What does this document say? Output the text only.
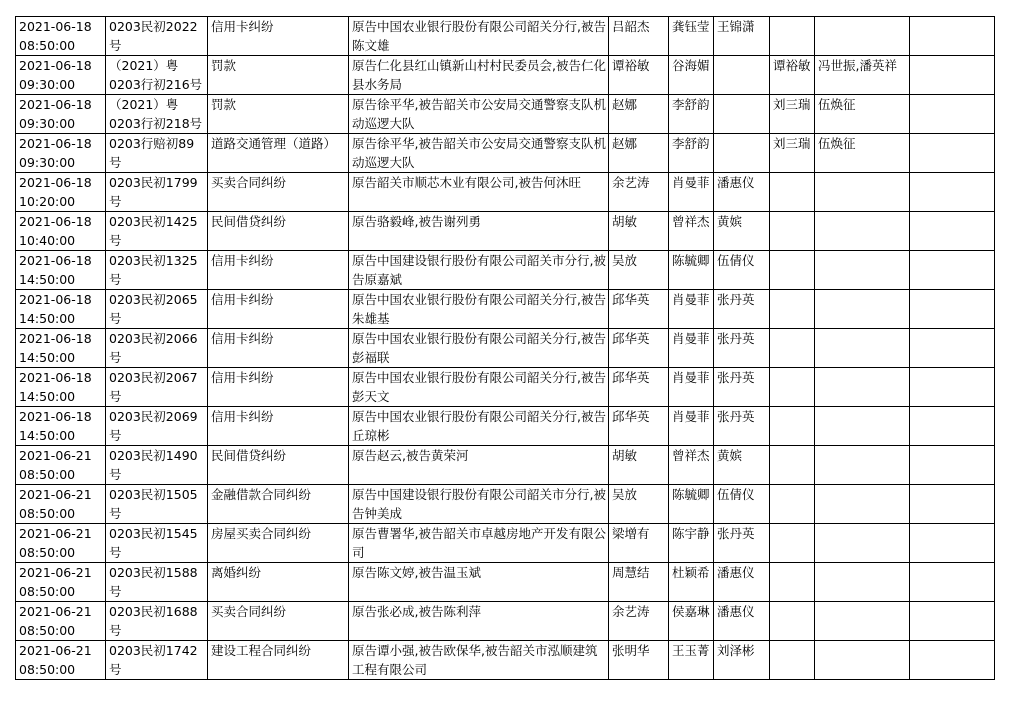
2021-06-18
08:50:00	0203民初2022
号	信用卡纠纷	原告中国农业银行股份有限公司韶关分行,被告陈文雄	吕韶杰	龚钰莹	王锦潇			

2021-06-18
09:30:00	（2021）粤
0203行初216号	罚款	原告仁化县红山镇新山村村民委员会,被告仁化县水务局	谭裕敏	谷海媚		谭裕敏	冯世振,潘英祥	

2021-06-18
09:30:00	（2021）粤
0203行初218号	罚款	原告徐平华,被告韶关市公安局交通警察支队机动巡逻大队	赵娜	李舒韵		刘三瑞	伍焕征	

2021-06-18
09:30:00	0203行赔初89
号	道路交通管理（道路）	原告徐平华,被告韶关市公安局交通警察支队机动巡逻大队	赵娜	李舒韵		刘三瑞	伍焕征	

2021-06-18
10:20:00	0203民初1799
号	买卖合同纠纷	原告韶关市顺芯木业有限公司,被告何沐旺	余艺涛	肖曼菲	潘惠仪			

2021-06-18
10:40:00	0203民初1425
号	民间借贷纠纷	原告骆毅峰,被告谢列勇	胡敏	曾祥杰	黄嫔			

2021-06-18
14:50:00	0203民初1325
号	信用卡纠纷	原告中国建设银行股份有限公司韶关市分行,被告原嘉斌	吴放	陈毓卿	伍倩仪			

2021-06-18
14:50:00	0203民初2065
号	信用卡纠纷	原告中国农业银行股份有限公司韶关分行,被告朱雄基	邱华英	肖曼菲	张丹英			

2021-06-18
14:50:00	0203民初2066
号	信用卡纠纷	原告中国农业银行股份有限公司韶关分行,被告彭福联	邱华英	肖曼菲	张丹英			

2021-06-18
14:50:00	0203民初2067
号	信用卡纠纷	原告中国农业银行股份有限公司韶关分行,被告彭天文	邱华英	肖曼菲	张丹英			

2021-06-18
14:50:00	0203民初2069
号	信用卡纠纷	原告中国农业银行股份有限公司韶关分行,被告丘琼彬	邱华英	肖曼菲	张丹英			

2021-06-21
08:50:00	0203民初1490
号	民间借贷纠纷	原告赵云,被告黄荣河	胡敏	曾祥杰	黄嫔			

2021-06-21
08:50:00	0203民初1505
号	金融借款合同纠纷	原告中国建设银行股份有限公司韶关市分行,被告钟美成	吴放	陈毓卿	伍倩仪			

2021-06-21
08:50:00	0203民初1545
号	房屋买卖合同纠纷	原告曹署华,被告韶关市卓越房地产开发有限公司	梁增有	陈宇静	张丹英			

2021-06-21
08:50:00	0203民初1588
号	离婚纠纷	原告陈文婷,被告温玉斌	周慧结	杜颖希	潘惠仪			

2021-06-21
08:50:00	0203民初1688
号	买卖合同纠纷	原告张必成,被告陈利萍	余艺涛	侯嘉琳	潘惠仪			

2021-06-21
08:50:00	0203民初1742
号	建设工程合同纠纷	原告谭小强,被告欧保华,被告韶关市泓顺建筑工程有限公司	张明华	王玉菁	刘泽彬			
